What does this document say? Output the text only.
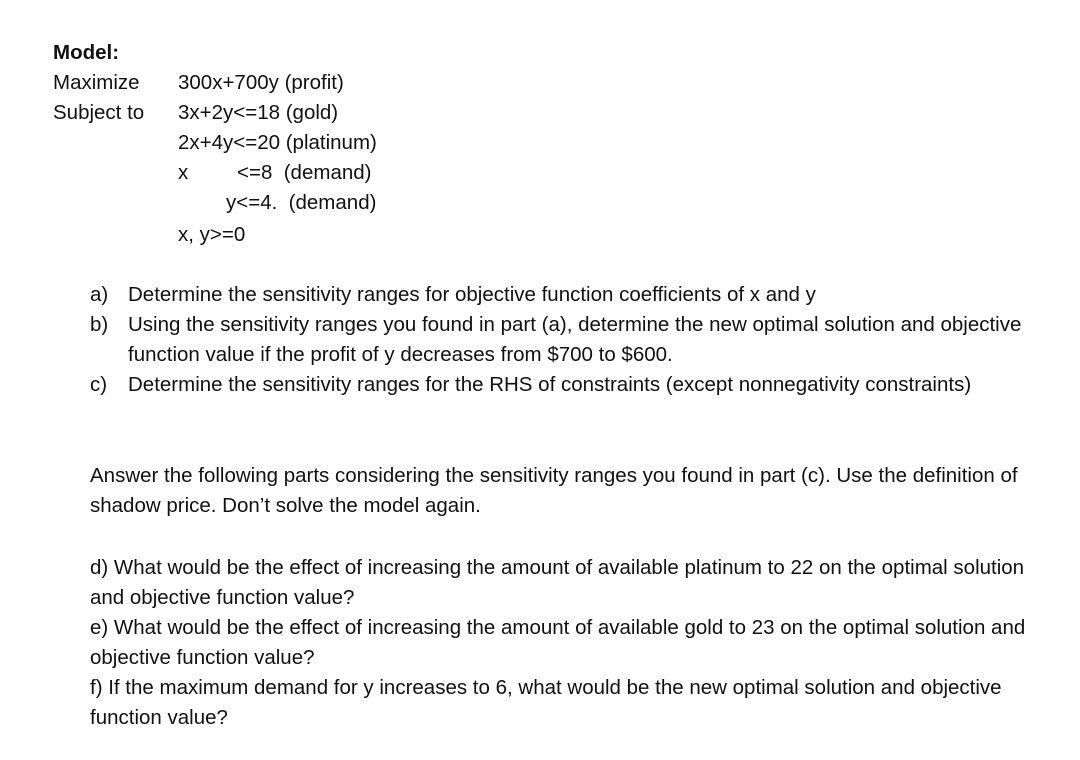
Model:
Maximize 300x+700y (profit)
Subject to 3x+2y<=18 (gold)
2x+4y<=20 (platinum)
x <=8  (demand)
y<=4.  (demand)
x, y>=0
a) Determine the sensitivity ranges for objective function coefficients of x and y
b) Using the sensitivity ranges you found in part (a), determine the new optimal solution and objective function value if the profit of y decreases from $700 to $600.
c) Determine the sensitivity ranges for the RHS of constraints (except nonnegativity constraints)
Answer the following parts considering the sensitivity ranges you found in part (c). Use the definition of shadow price. Don’t solve the model again.
d) What would be the effect of increasing the amount of available platinum to 22 on the optimal solution and objective function value?
e) What would be the effect of increasing the amount of available gold to 23 on the optimal solution and objective function value?
f) If the maximum demand for y increases to 6, what would be the new optimal solution and objective function value?
